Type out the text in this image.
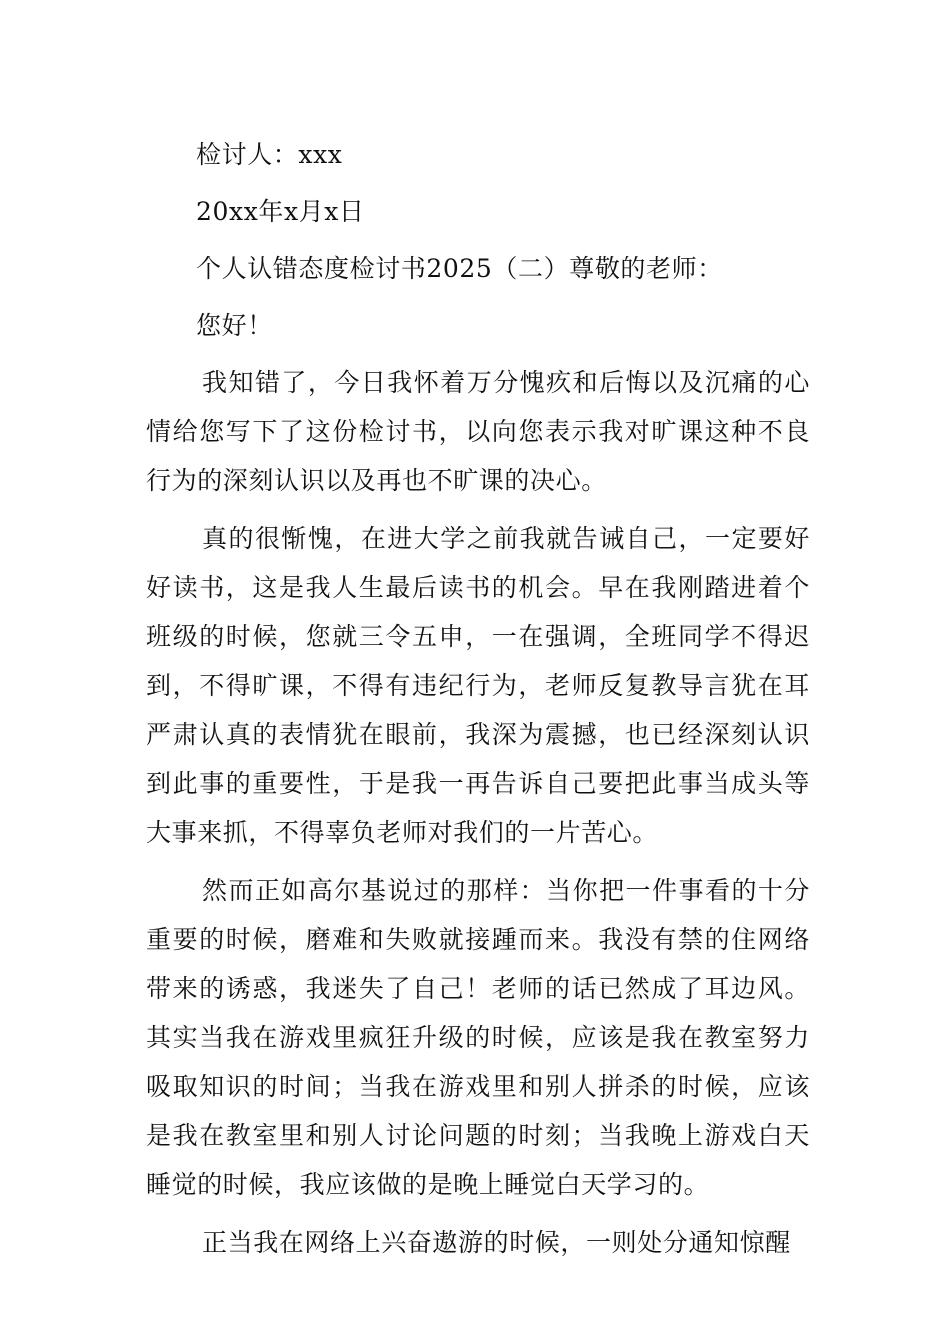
检讨人：xxx

20xx年x月x日

个人认错态度检讨书2025（二）尊敬的老师：

您好！

我知错了，今日我怀着万分愧疚和后悔以及沉痛的心情给您写下了这份检讨书，以向您表示我对旷课这种不良行为的深刻认识以及再也不旷课的决心。

真的很惭愧，在进大学之前我就告诫自己，一定要好好读书，这是我人生最后读书的机会。早在我刚踏进着个班级的时候，您就三令五申，一在强调，全班同学不得迟到，不得旷课，不得有违纪行为，老师反复教导言犹在耳严肃认真的表情犹在眼前，我深为震撼，也已经深刻认识到此事的重要性，于是我一再告诉自己要把此事当成头等大事来抓，不得辜负老师对我们的一片苦心。

然而正如高尔基说过的那样：当你把一件事看的十分重要的时候，磨难和失败就接踵而来。我没有禁的住网络带来的诱惑，我迷失了自己！老师的话已然成了耳边风。其实当我在游戏里疯狂升级的时候，应该是我在教室努力吸取知识的时间；当我在游戏里和别人拼杀的时候，应该是我在教室里和别人讨论问题的时刻；当我晚上游戏白天睡觉的时候，我应该做的是晚上睡觉白天学习的。

正当我在网络上兴奋遨游的时候，一则处分通知惊醒
